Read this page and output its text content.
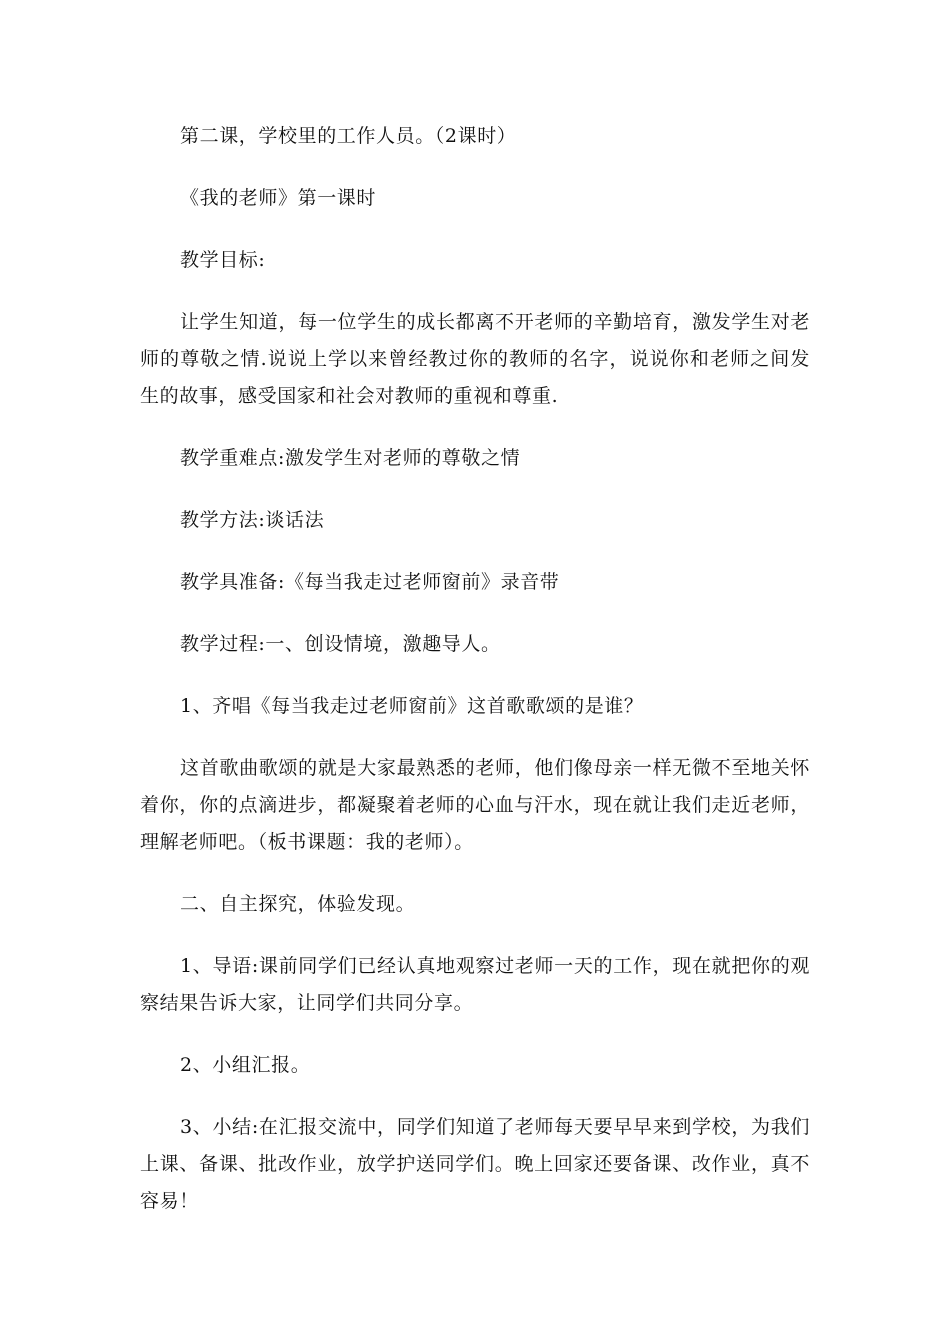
第二课，学校里的工作人员。（2课时）

《我的老师》第一课时

教学目标:

让学生知道，每一位学生的成长都离不开老师的辛勤培育，激发学生对老师的尊敬之情.说说上学以来曾经教过你的教师的名字，说说你和老师之间发生的故事，感受国家和社会对教师的重视和尊重.

教学重难点:激发学生对老师的尊敬之情

教学方法:谈话法

教学具准备:《每当我走过老师窗前》录音带

教学过程:一、创设情境，激趣导人。

1、齐唱《每当我走过老师窗前》这首歌歌颂的是谁？

这首歌曲歌颂的就是大家最熟悉的老师，他们像母亲一样无微不至地关怀着你，你的点滴进步，都凝聚着老师的心血与汗水，现在就让我们走近老师，理解老师吧。（板书课题：我的老师）。

二、自主探究，体验发现。

1、导语:课前同学们已经认真地观察过老师一天的工作，现在就把你的观察结果告诉大家，让同学们共同分享。

2、小组汇报。

3、小结:在汇报交流中，同学们知道了老师每天要早早来到学校，为我们上课、备课、批改作业，放学护送同学们。晚上回家还要备课、改作业，真不容易！
